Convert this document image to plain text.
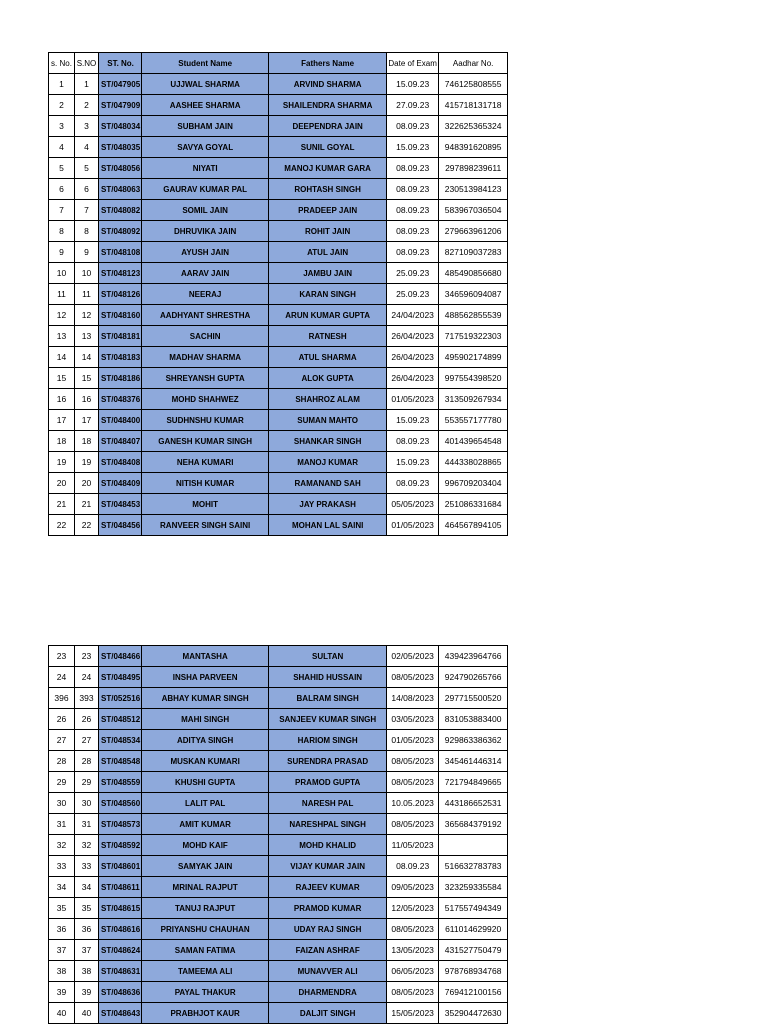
s. No.	S.NO	ST. No.	Student Name	Fathers Name	Date of Exam	Aadhar No.
1	1	ST/047905	UJJWAL SHARMA	ARVIND SHARMA	15.09.23	746125808555
2	2	ST/047909	AASHEE SHARMA	SHAILENDRA SHARMA	27.09.23	415718131718
3	3	ST/048034	SUBHAM JAIN	DEEPENDRA JAIN	08.09.23	322625365324
4	4	ST/048035	SAVYA GOYAL	SUNIL GOYAL	15.09.23	948391620895
5	5	ST/048056	NIYATI	MANOJ KUMAR GARA	08.09.23	297898239611
6	6	ST/048063	GAURAV KUMAR PAL	ROHTASH SINGH	08.09.23	230513984123
7	7	ST/048082	SOMIL JAIN	PRADEEP JAIN	08.09.23	583967036504
8	8	ST/048092	DHRUVIKA JAIN	ROHIT JAIN	08.09.23	279663961206
9	9	ST/048108	AYUSH JAIN	ATUL JAIN	08.09.23	827109037283
10	10	ST/048123	AARAV JAIN	JAMBU JAIN	25.09.23	485490856680
11	11	ST/048126	NEERAJ	KARAN SINGH	25.09.23	346596094087
12	12	ST/048160	AADHYANT SHRESTHA	ARUN KUMAR GUPTA	24/04/2023	488562855539
13	13	ST/048181	SACHIN	RATNESH	26/04/2023	717519322303
14	14	ST/048183	MADHAV SHARMA	ATUL SHARMA	26/04/2023	495902174899
15	15	ST/048186	SHREYANSH GUPTA	ALOK GUPTA	26/04/2023	997554398520
16	16	ST/048376	MOHD SHAHWEZ	SHAHROZ ALAM	01/05/2023	313509267934
17	17	ST/048400	SUDHNSHU KUMAR	SUMAN MAHTO	15.09.23	553557177780
18	18	ST/048407	GANESH KUMAR SINGH	SHANKAR SINGH	08.09.23	401439654548
19	19	ST/048408	NEHA KUMARI	MANOJ KUMAR	15.09.23	444338028865
20	20	ST/048409	NITISH KUMAR	RAMANAND SAH	08.09.23	996709203404
21	21	ST/048453	MOHIT	JAY PRAKASH	05/05/2023	251086331684
22	22	ST/048456	RANVEER SINGH SAINI	MOHAN LAL SAINI	01/05/2023	464567894105
23	23	ST/048466	MANTASHA	SULTAN	02/05/2023	439423964766
24	24	ST/048495	INSHA PARVEEN	SHAHID HUSSAIN	08/05/2023	924790265766
396	393	ST/052516	ABHAY KUMAR SINGH	BALRAM SINGH	14/08/2023	297715500520
26	26	ST/048512	MAHI SINGH	SANJEEV KUMAR SINGH	03/05/2023	831053883400
27	27	ST/048534	ADITYA SINGH	HARIOM SINGH	01/05/2023	929863386362
28	28	ST/048548	MUSKAN KUMARI	SURENDRA PRASAD	08/05/2023	345461446314
29	29	ST/048559	KHUSHI GUPTA	PRAMOD GUPTA	08/05/2023	721794849665
30	30	ST/048560	LALIT PAL	NARESH PAL	10.05.2023	443186652531
31	31	ST/048573	AMIT KUMAR	NARESHPAL SINGH	08/05/2023	365684379192
32	32	ST/048592	MOHD KAIF	MOHD KHALID	11/05/2023	
33	33	ST/048601	SAMYAK JAIN	VIJAY KUMAR JAIN	08.09.23	516632783783
34	34	ST/048611	MRINAL RAJPUT	RAJEEV KUMAR	09/05/2023	323259335584
35	35	ST/048615	TANUJ RAJPUT	PRAMOD KUMAR	12/05/2023	517557494349
36	36	ST/048616	PRIYANSHU CHAUHAN	UDAY RAJ SINGH	08/05/2023	611014629920
37	37	ST/048624	SAMAN FATIMA	FAIZAN ASHRAF	13/05/2023	431527750479
38	38	ST/048631	TAMEEMA ALI	MUNAVVER ALI	06/05/2023	978768934768
39	39	ST/048636	PAYAL THAKUR	DHARMENDRA	08/05/2023	769412100156
40	40	ST/048643	PRABHJOT KAUR	DALJIT SINGH	15/05/2023	352904472630
